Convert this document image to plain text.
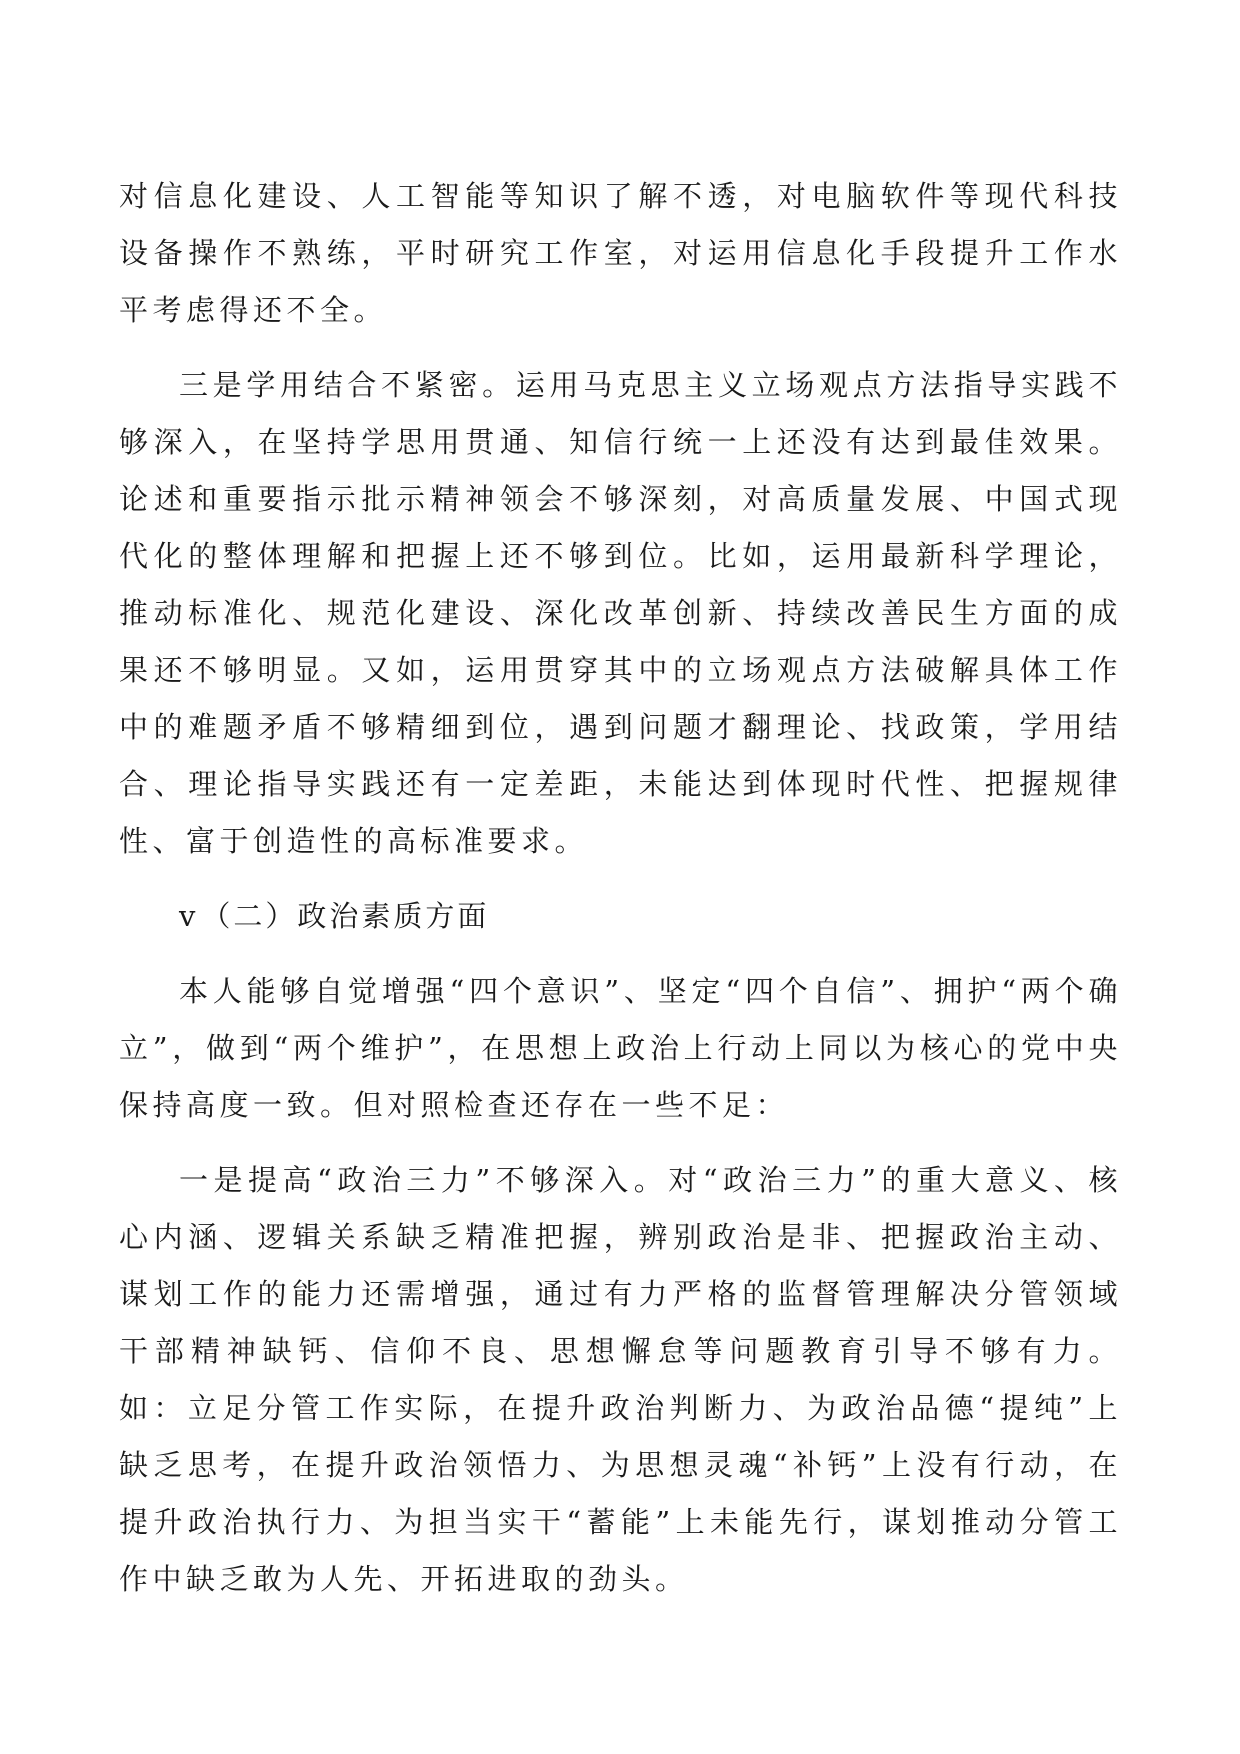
对信息化建设、人工智能等知识了解不透，对电脑软件等现代科技设备操作不熟练，平时研究工作室，对运用信息化手段提升工作水平考虑得还不全。

三是学用结合不紧密。运用马克思主义立场观点方法指导实践不够深入，在坚持学思用贯通、知信行统一上还没有达到最佳效果。论述和重要指示批示精神领会不够深刻，对高质量发展、中国式现代化的整体理解和把握上还不够到位。比如，运用最新科学理论，推动标准化、规范化建设、深化改革创新、持续改善民生方面的成果还不够明显。又如，运用贯穿其中的立场观点方法破解具体工作中的难题矛盾不够精细到位，遇到问题才翻理论、找政策，学用结合、理论指导实践还有一定差距，未能达到体现时代性、把握规律性、富于创造性的高标准要求。

v （二）政治素质方面

本人能够自觉增强“四个意识”、坚定“四个自信”、拥护“两个确立”，做到“两个维护”，在思想上政治上行动上同以为核心的党中央保持高度一致。但对照检查还存在一些不足：

一是提高“政治三力”不够深入。对“政治三力”的重大意义、核心内涵、逻辑关系缺乏精准把握，辨别政治是非、把握政治主动、谋划工作的能力还需增强，通过有力严格的监督管理解决分管领域干部精神缺钙、信仰不良、思想懈怠等问题教育引导不够有力。如：立足分管工作实际，在提升政治判断力、为政治品德“提纯”上缺乏思考，在提升政治领悟力、为思想灵魂“补钙”上没有行动，在提升政治执行力、为担当实干“蓄能”上未能先行，谋划推动分管工作中缺乏敢为人先、开拓进取的劲头。
